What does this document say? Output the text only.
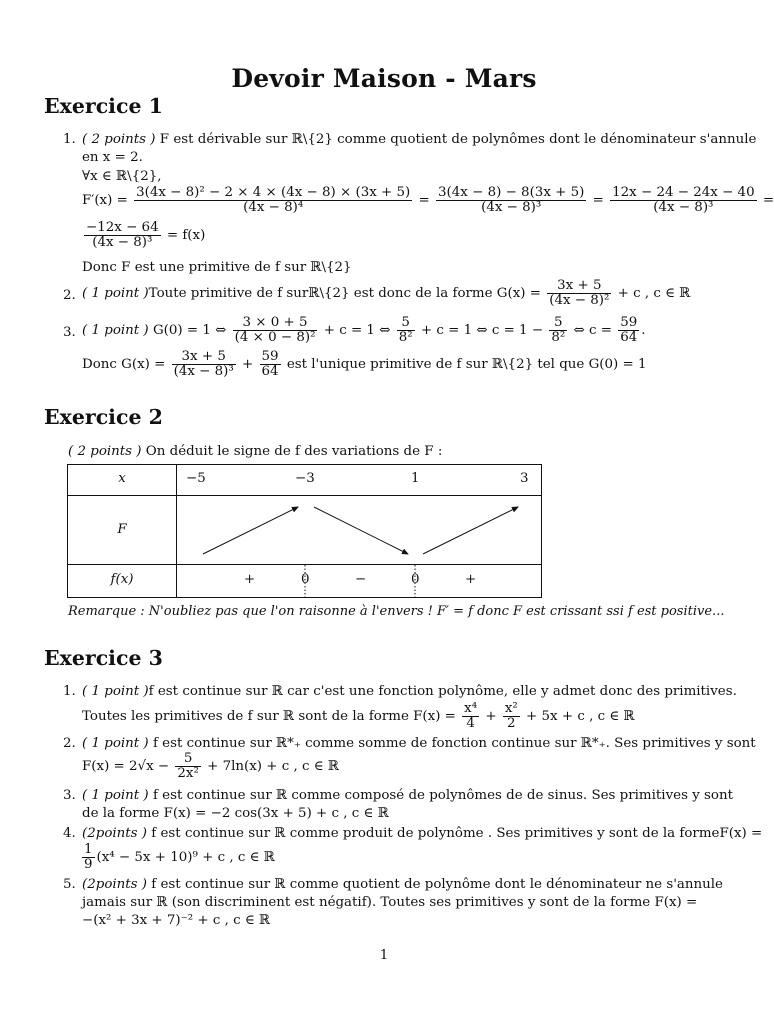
Devoir Maison - Mars
Exercice 1
1. ( 2 points ) F est dérivable sur ℝ\{2} comme quotient de polynômes dont le dénominateur s'annule
en x = 2.
∀x ∈ ℝ\{2},
$F'(x) = \frac{\text{3(4x − 8)² − 2 × 4 × (4x − 8) × (3x + 5)}}{\text{(4x − 8)⁴}} = \frac{3(4x - 8) - 8(3x + 5)}{\text{(4x − 8)³}} = \frac{12x - 24 - 24x - 40}{\text{(4x − 8)³}}$ =
$\frac{-12x - 64}{\text{(4x − 8)³}} = f(x)$
Donc F est une primitive de f sur ℝ\{2}
2. ( 1 point )Toute primitive de f surℝ\{2} est donc de la forme $G(x) = \frac{3x + 5}{\text{(4x − 8)²}} + c$ , c ∈ ℝ
3. ( 1 point ) G(0) = 1 ⇔ $\frac{3 \times 0 + 5}{\text{(4 × 0 − 8)²}} + c = 1$ ⇔ $\frac{5}{\text{8²}} + c = 1$ ⇔ $c = 1 - \frac{5}{\text{8²}}$ ⇔ $c = \frac{59}{64}$ .
Donc $G(x) = \frac{3x + 5}{\text{(4x − 8)³}} + \frac{59}{64}$ est l'unique primitive de f sur ℝ\{2} tel que G(0) = 1
Exercice 2
( 2 points ) On déduit le signe de f des variations de F :
x	−5	−3	1	3
F
f(x)	+	0	−	0	+
Remarque : N'oubliez pas que l'on raisonne à l'envers ! F′ = f donc F est crissant ssi f est positive...
Exercice 3
1. ( 1 point )f est continue sur ℝ car c'est une fonction polynôme, elle y admet donc des primitives.
Toutes les primitives de f sur ℝ sont de la forme $F(x) = \frac{\text{x⁴}}{4} + \frac{\text{x²}}{2} + 5x + c$ , c ∈ ℝ
2. ( 1 point ) f est continue sur ℝ*₊ comme somme de fonction continue sur ℝ*₊. Ses primitives y sont
$F(x) = 2√x - \frac{5}{\text{2x²}} + 7\ln(x) + c$ , c ∈ ℝ
3. ( 1 point ) f est continue sur ℝ comme composé de polynômes de de sinus. Ses primitives y sont
de la forme F(x) = −2 cos(3x + 5) + c , c ∈ ℝ
4. (2points ) f est continue sur ℝ comme produit de polynôme . Ses primitives y sont de la formeF(x) =
$\frac{1}{9} (x^4 - 5x + 10)^9 + c$ , c ∈ ℝ
5. (2points ) f est continue sur ℝ comme quotient de polynôme dont le dénominateur ne s'annule
jamais sur ℝ (son discriminent est négatif). Toutes ses primitives y sont de la forme F(x) =
−(x² + 3x + 7)⁻² + c , c ∈ ℝ
1
